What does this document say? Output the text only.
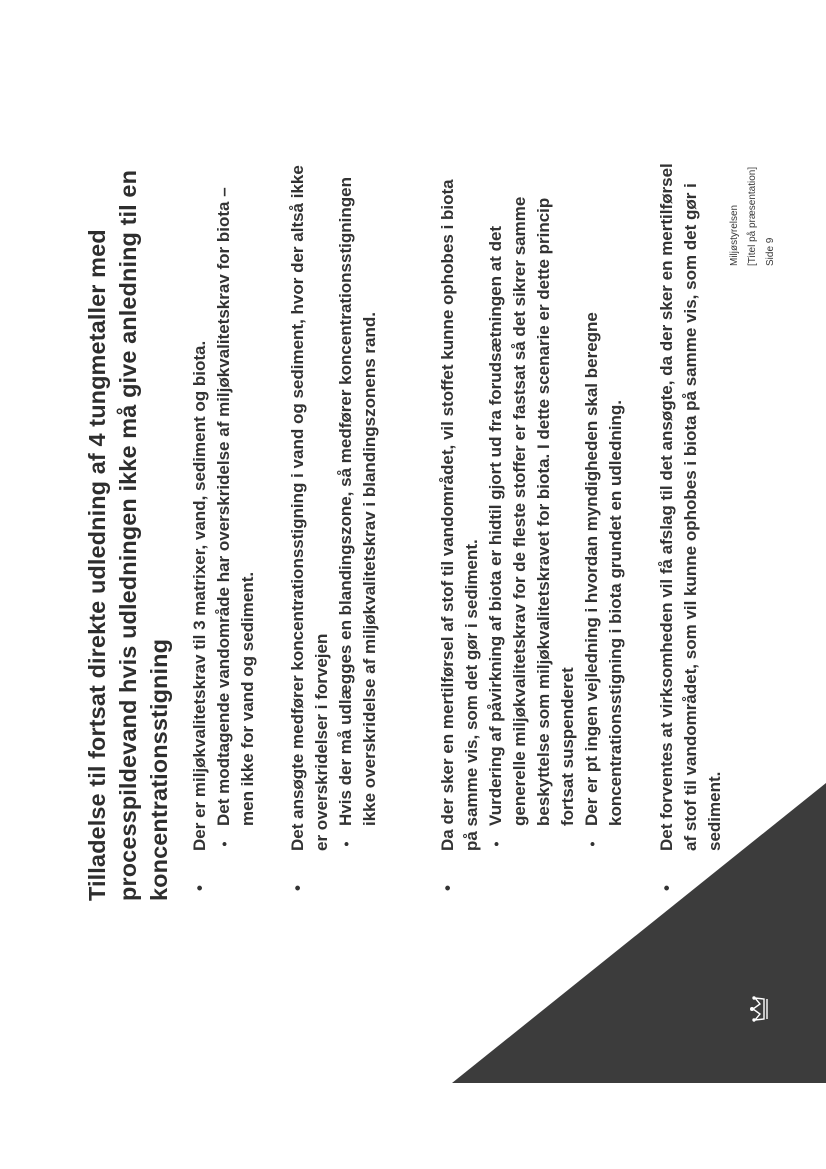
Tilladelse til fortsat direkte udledning af 4 tungmetaller med processpildevand hvis udledningen ikke må give anledning til en koncentrationsstigning •
Der er miljøkvalitetskrav til 3 matrixer, vand, sediment og biota. •
Det modtagende vandområde har overskridelse af miljøkvalitetskrav for biota – men ikke for vand og sediment.
•
Det ansøgte medfører koncentrationsstigning i vand og sediment, hvor der altså ikke er overskridelser i forvejen •
Hvis der må udlægges en blandingszone, så medfører koncentrationsstigningen ikke overskridelse af miljøkvalitetskrav i blandingszonens rand.
•
Da der sker en mertilførsel af stof til vandområdet, vil stoffet kunne ophobes i biota på samme vis, som det gør i sediment. •
Vurdering af påvirkning af biota er hidtil gjort ud fra forudsætningen at det generelle miljøkvalitetskrav for de fleste stoffer er fastsat så det sikrer samme beskyttelse som miljøkvalitetskravet for biota. I dette scenarie er dette princip fortsat suspenderet
•
Der er pt ingen vejledning i hvordan myndigheden skal beregne koncentrationsstigning i biota grundet en udledning.
•
Det forventes at virksomheden vil få afslag til det ansøgte, da der sker en mertilførsel af stof til vandområdet, som vil kunne ophobes i biota på samme vis, som det gør i sediment.
Miljøstyrelsen [Titel på præsentation] Side 9
